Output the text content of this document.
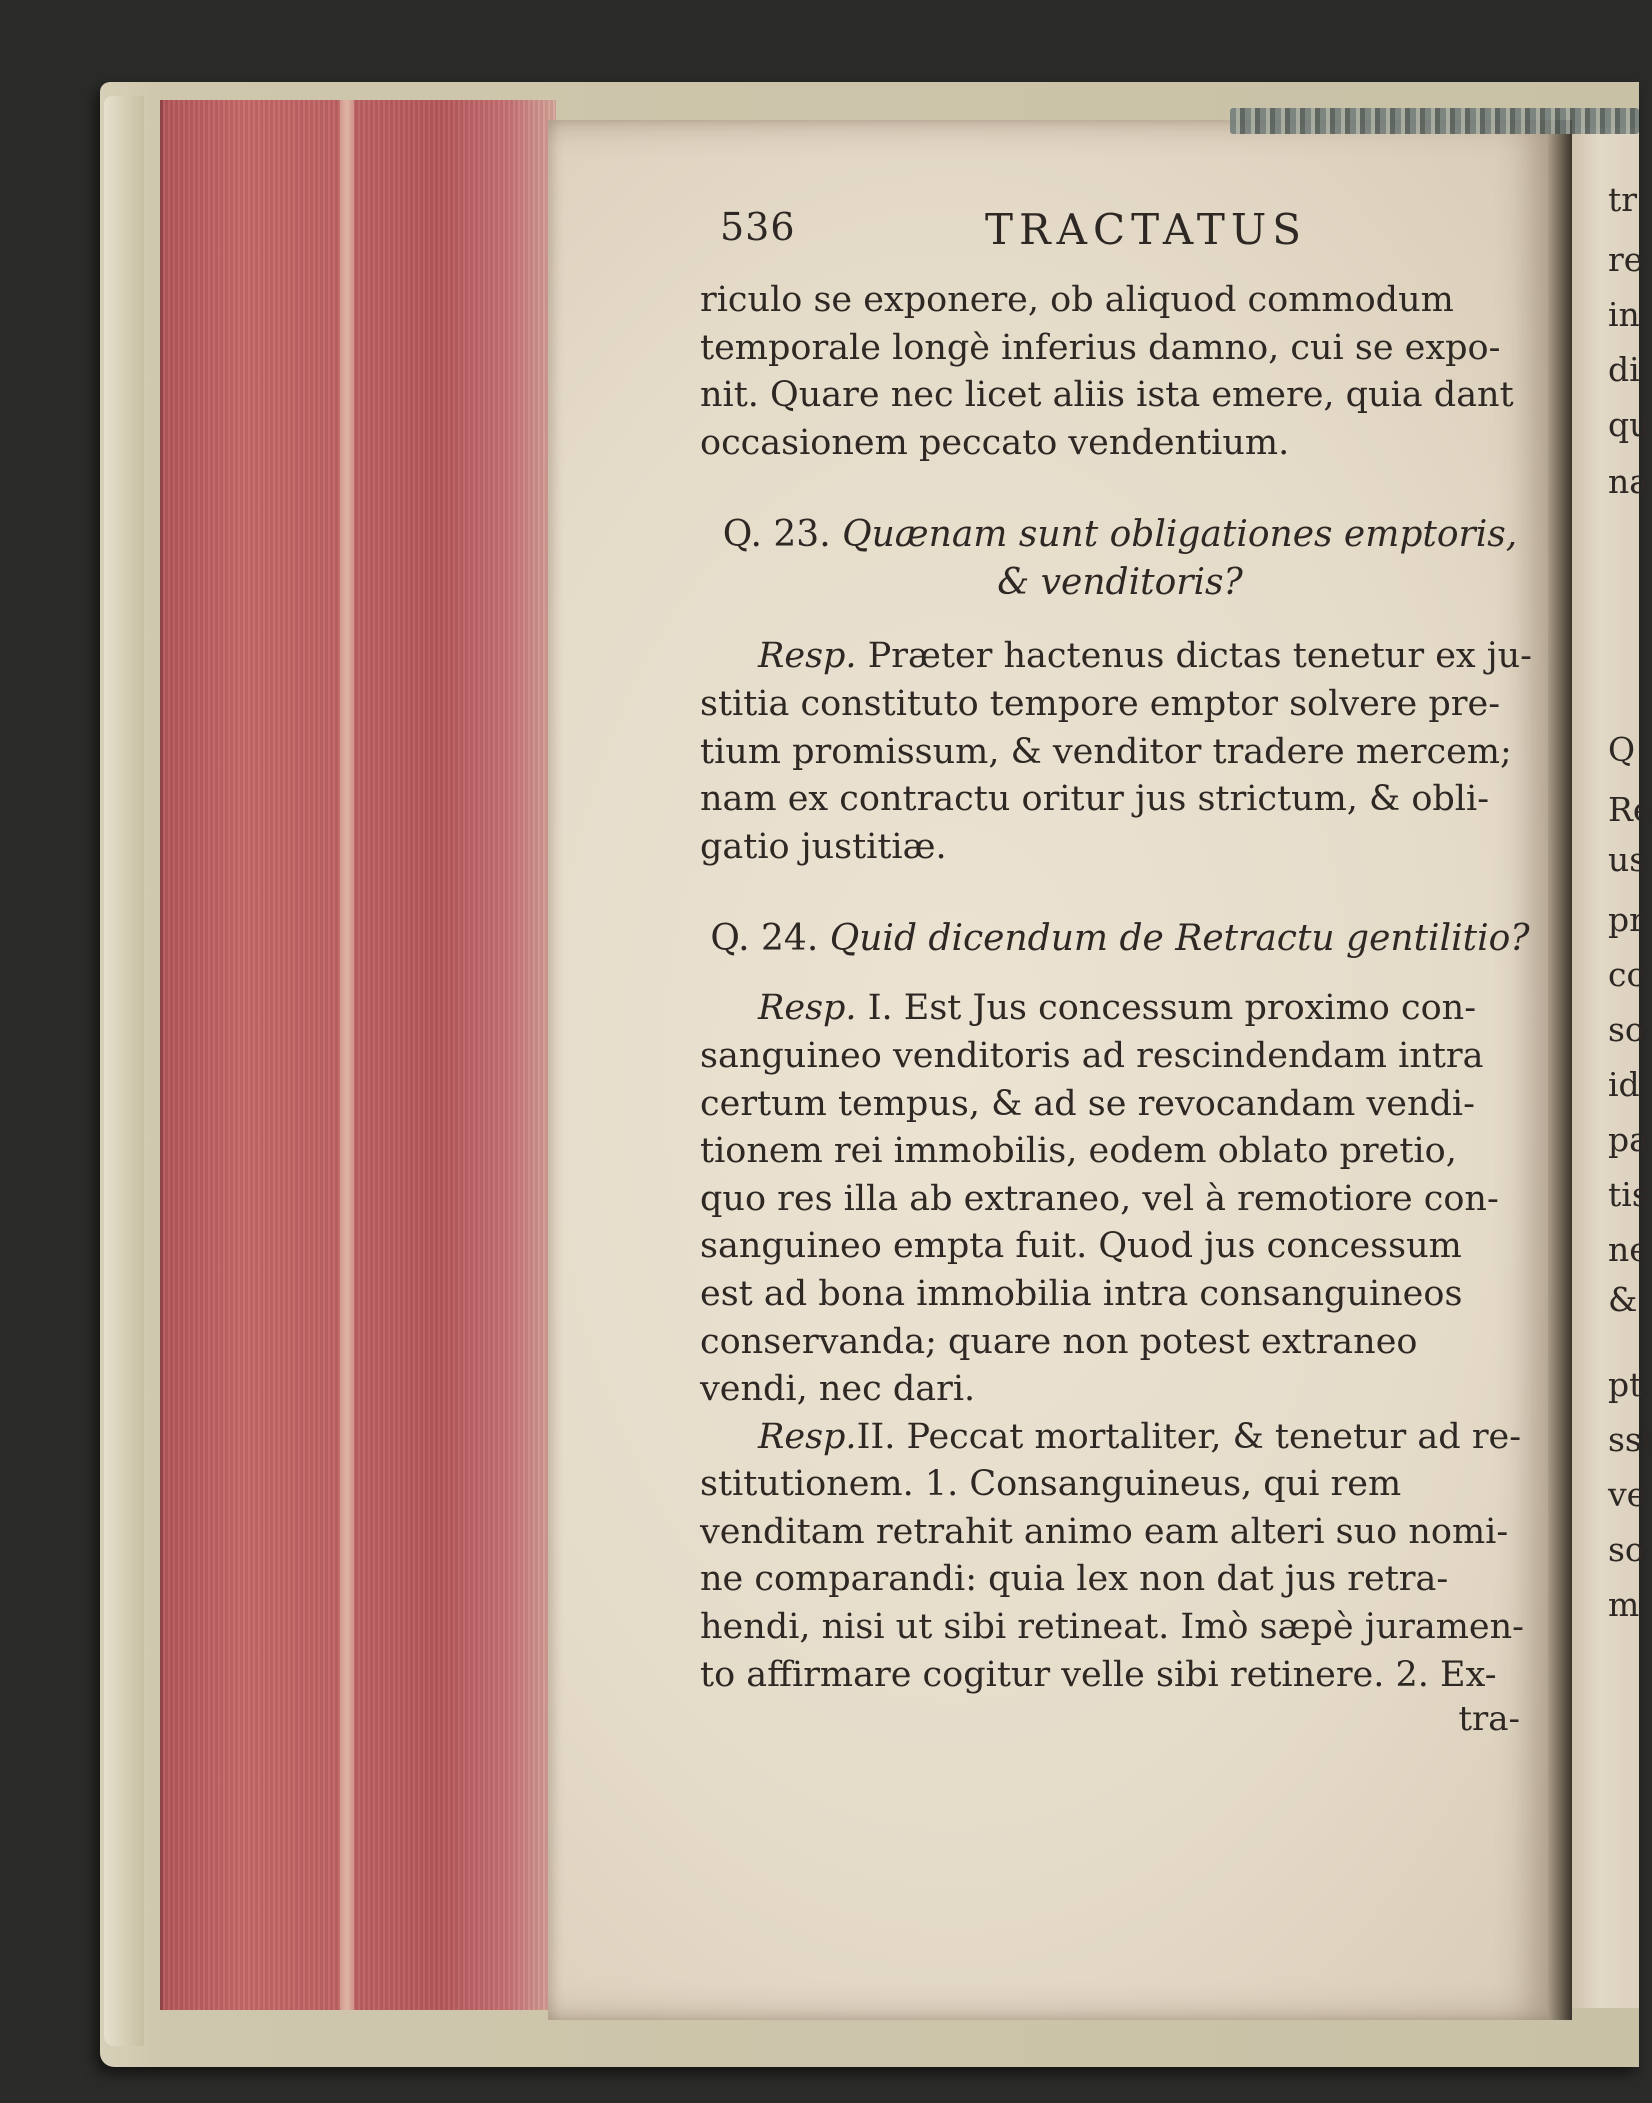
tr
re
in
di
qu
na
Q
Re
us
pr
cc
so
id
pa
tis
ne
&
pt
ssi
ve
so
m
536	TRACTATUS

riculo se exponere, ob aliquod commodum
temporale longè inferius damno, cui se expo-
nit. Quare nec licet aliis ista emere, quia dant
occasionem peccato vendentium.

Q. 23. Quænam sunt obligationes emptoris,
& venditoris?

Resp. Præter hactenus dictas tenetur ex ju-
stitia constituto tempore emptor solvere pre-
tium promissum, & venditor tradere mercem;
nam ex contractu oritur jus strictum, & obli-
gatio justitiæ.

Q. 24. Quid dicendum de Retractu gentilitio?

Resp. I. Est Jus concessum proximo con-
sanguineo venditoris ad rescindendam intra
certum tempus, & ad se revocandam vendi-
tionem rei immobilis, eodem oblato pretio,
quo res illa ab extraneo, vel à remotiore con-
sanguineo empta fuit. Quod jus concessum
est ad bona immobilia intra consanguineos
conservanda; quare non potest extraneo
vendi, nec dari.

Resp.II. Peccat mortaliter, & tenetur ad re-
stitutionem. 1. Consanguineus, qui rem
venditam retrahit animo eam alteri suo nomi-
ne comparandi: quia lex non dat jus retra-
hendi, nisi ut sibi retineat. Imò sæpè juramen-
to affirmare cogitur velle sibi retinere. 2. Ex-

tra-
